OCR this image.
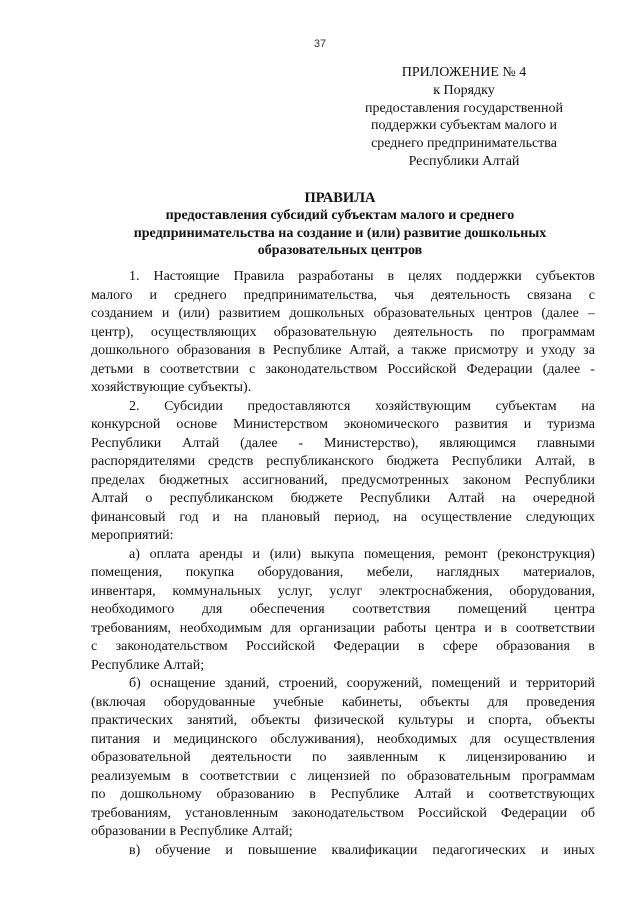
37
ПРИЛОЖЕНИЕ № 4
к Порядку
предоставления государственной
поддержки субъектам малого и
среднего предпринимательства
Республики Алтай
ПРАВИЛА
предоставления субсидий субъектам малого и среднего
предпринимательства на создание и (или) развитие дошкольных
образовательных центров
1. Настоящие Правила разработаны в целях поддержки субъектов
малого и среднего предпринимательства, чья деятельность связана с
созданием и (или) развитием дошкольных образовательных центров (далее –
центр), осуществляющих образовательную деятельность по программам
дошкольного образования в Республике Алтай, а также присмотру и уходу за
детьми в соответствии с законодательством Российской Федерации (далее -
хозяйствующие субъекты).
2. Субсидии предоставляются хозяйствующим субъектам на
конкурсной основе Министерством экономического развития и туризма
Республики Алтай (далее - Министерство), являющимся главными
распорядителями средств республиканского бюджета Республики Алтай, в
пределах бюджетных ассигнований, предусмотренных законом Республики
Алтай о республиканском бюджете Республики Алтай на очередной
финансовый год и на плановый период, на осуществление следующих
мероприятий:
а) оплата аренды и (или) выкупа помещения, ремонт (реконструкция)
помещения, покупка оборудования, мебели, наглядных материалов,
инвентаря, коммунальных услуг, услуг электроснабжения, оборудования,
необходимого для обеспечения соответствия помещений центра
требованиям, необходимым для организации работы центра и в соответствии
с законодательством Российской Федерации в сфере образования в
Республике Алтай;
б) оснащение зданий, строений, сооружений, помещений и территорий
(включая оборудованные учебные кабинеты, объекты для проведения
практических занятий, объекты физической культуры и спорта, объекты
питания и медицинского обслуживания), необходимых для осуществления
образовательной деятельности по заявленным к лицензированию и
реализуемым в соответствии с лицензией по образовательным программам
по дошкольному образованию в Республике Алтай и соответствующих
требованиям, установленным законодательством Российской Федерации об
образовании в Республике Алтай;
в) обучение и повышение квалификации педагогических и иных
